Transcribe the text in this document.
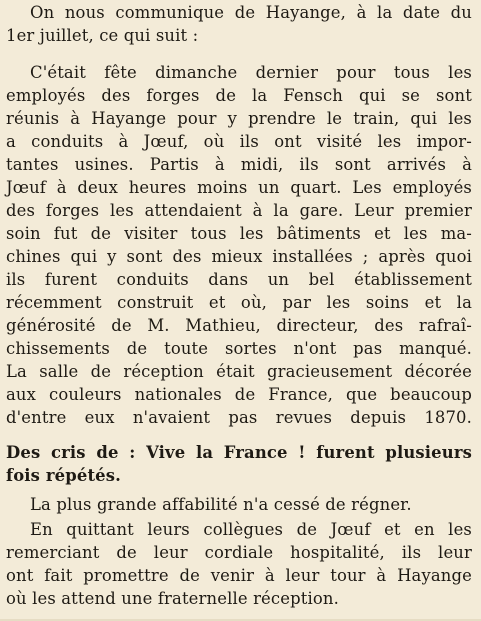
On nous communique de Hayange, à la date du

1er juillet, ce qui suit :

C'était fête dimanche dernier pour tous les

employés des forges de la Fensch qui se sont

réunis à Hayange pour y prendre le train, qui les

a conduits à Jœuf, où ils ont visité les impor-

tantes usines. Partis à midi, ils sont arrivés à

Jœuf à deux heures moins un quart. Les employés

des forges les attendaient à la gare. Leur premier

soin fut de visiter tous les bâtiments et les ma-

chines qui y sont des mieux installées ; après quoi

ils furent conduits dans un bel établissement

récemment construit et où, par les soins et la

générosité de M. Mathieu, directeur, des rafraî-

chissements de toute sortes n'ont pas manqué.

La salle de réception était gracieusement décorée

aux couleurs nationales de France, que beaucoup

d'entre eux n'avaient pas revues depuis 1870.

Des cris de : Vive la France ! furent plusieurs

fois répétés.

La plus grande affabilité n'a cessé de régner.

En quittant leurs collègues de Jœuf et en les

remerciant de leur cordiale hospitalité, ils leur

ont fait promettre de venir à leur tour à Hayange

où les attend une fraternelle réception.
